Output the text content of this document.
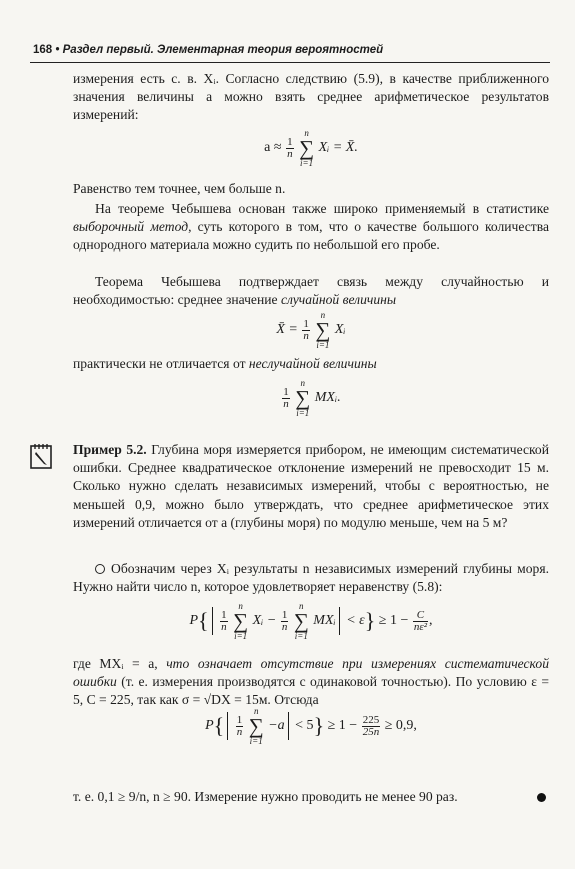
168 • Раздел первый. Элементарная теория вероятностей
измерения есть с. в. Xᵢ. Согласно следствию (5.9), в качестве приближенного значения величины a можно взять среднее арифметическое результатов измерений:
$a \approx \frac{1}{n}$

n
∑
i=1
Xᵢ = X̄.
Равенство тем точнее, чем больше n.
На теореме Чебышева основан также широко применяемый в статистике выборочный метод, суть которого в том, что о качестве большого количества однородного материала можно судить по небольшой его пробе.
Теорема Чебышева подтверждает связь между случайностью и необходимостью: среднее значение случайной величины
X̄ = $\frac{1}{n}$

n
∑
i=1
Xᵢ
практически не отличается от неслучайной величины
$\frac{1}{n}$

n
∑
i=1
MXᵢ.
Пример 5.2. Глубина моря измеряется прибором, не имеющим систематической ошибки. Среднее квадратическое отклонение измерений не превосходит 15 м. Сколько нужно сделать независимых измерений, чтобы с вероятностью, не меньшей 0,9, можно было утверждать, что среднее арифметическое этих измерений отличается от a (глубины моря) по модулю меньше, чем на 5 м?
Обозначим через Xᵢ результаты n независимых измерений глубины моря. Нужно найти число n, которое удовлетворяет неравенству (5.8):
$P\{ \frac{1}{n}$

n
∑
i=1
Xᵢ − $\frac{1}{n}$

n
∑
i=1
MXᵢ < $\varepsilon\} \ge 1 - \frac{C}{\text{nε²}}$ ,
где MXᵢ = a, что означает отсутствие при измерениях систематической ошибки (т. е. измерения производятся с одинаковой точностью). По условию ε = 5, C = 225, так как σ = √DX = 15м. Отсюда
$P\{ \frac{1}{n}$

n
∑
i=1
$-a < 5\} \ge 1 - \frac{225}{25n} \ge 0,9$,
т. е. 0,1 ≥ 9/n, n ≥ 90. Измерение нужно проводить не менее 90 раз.
